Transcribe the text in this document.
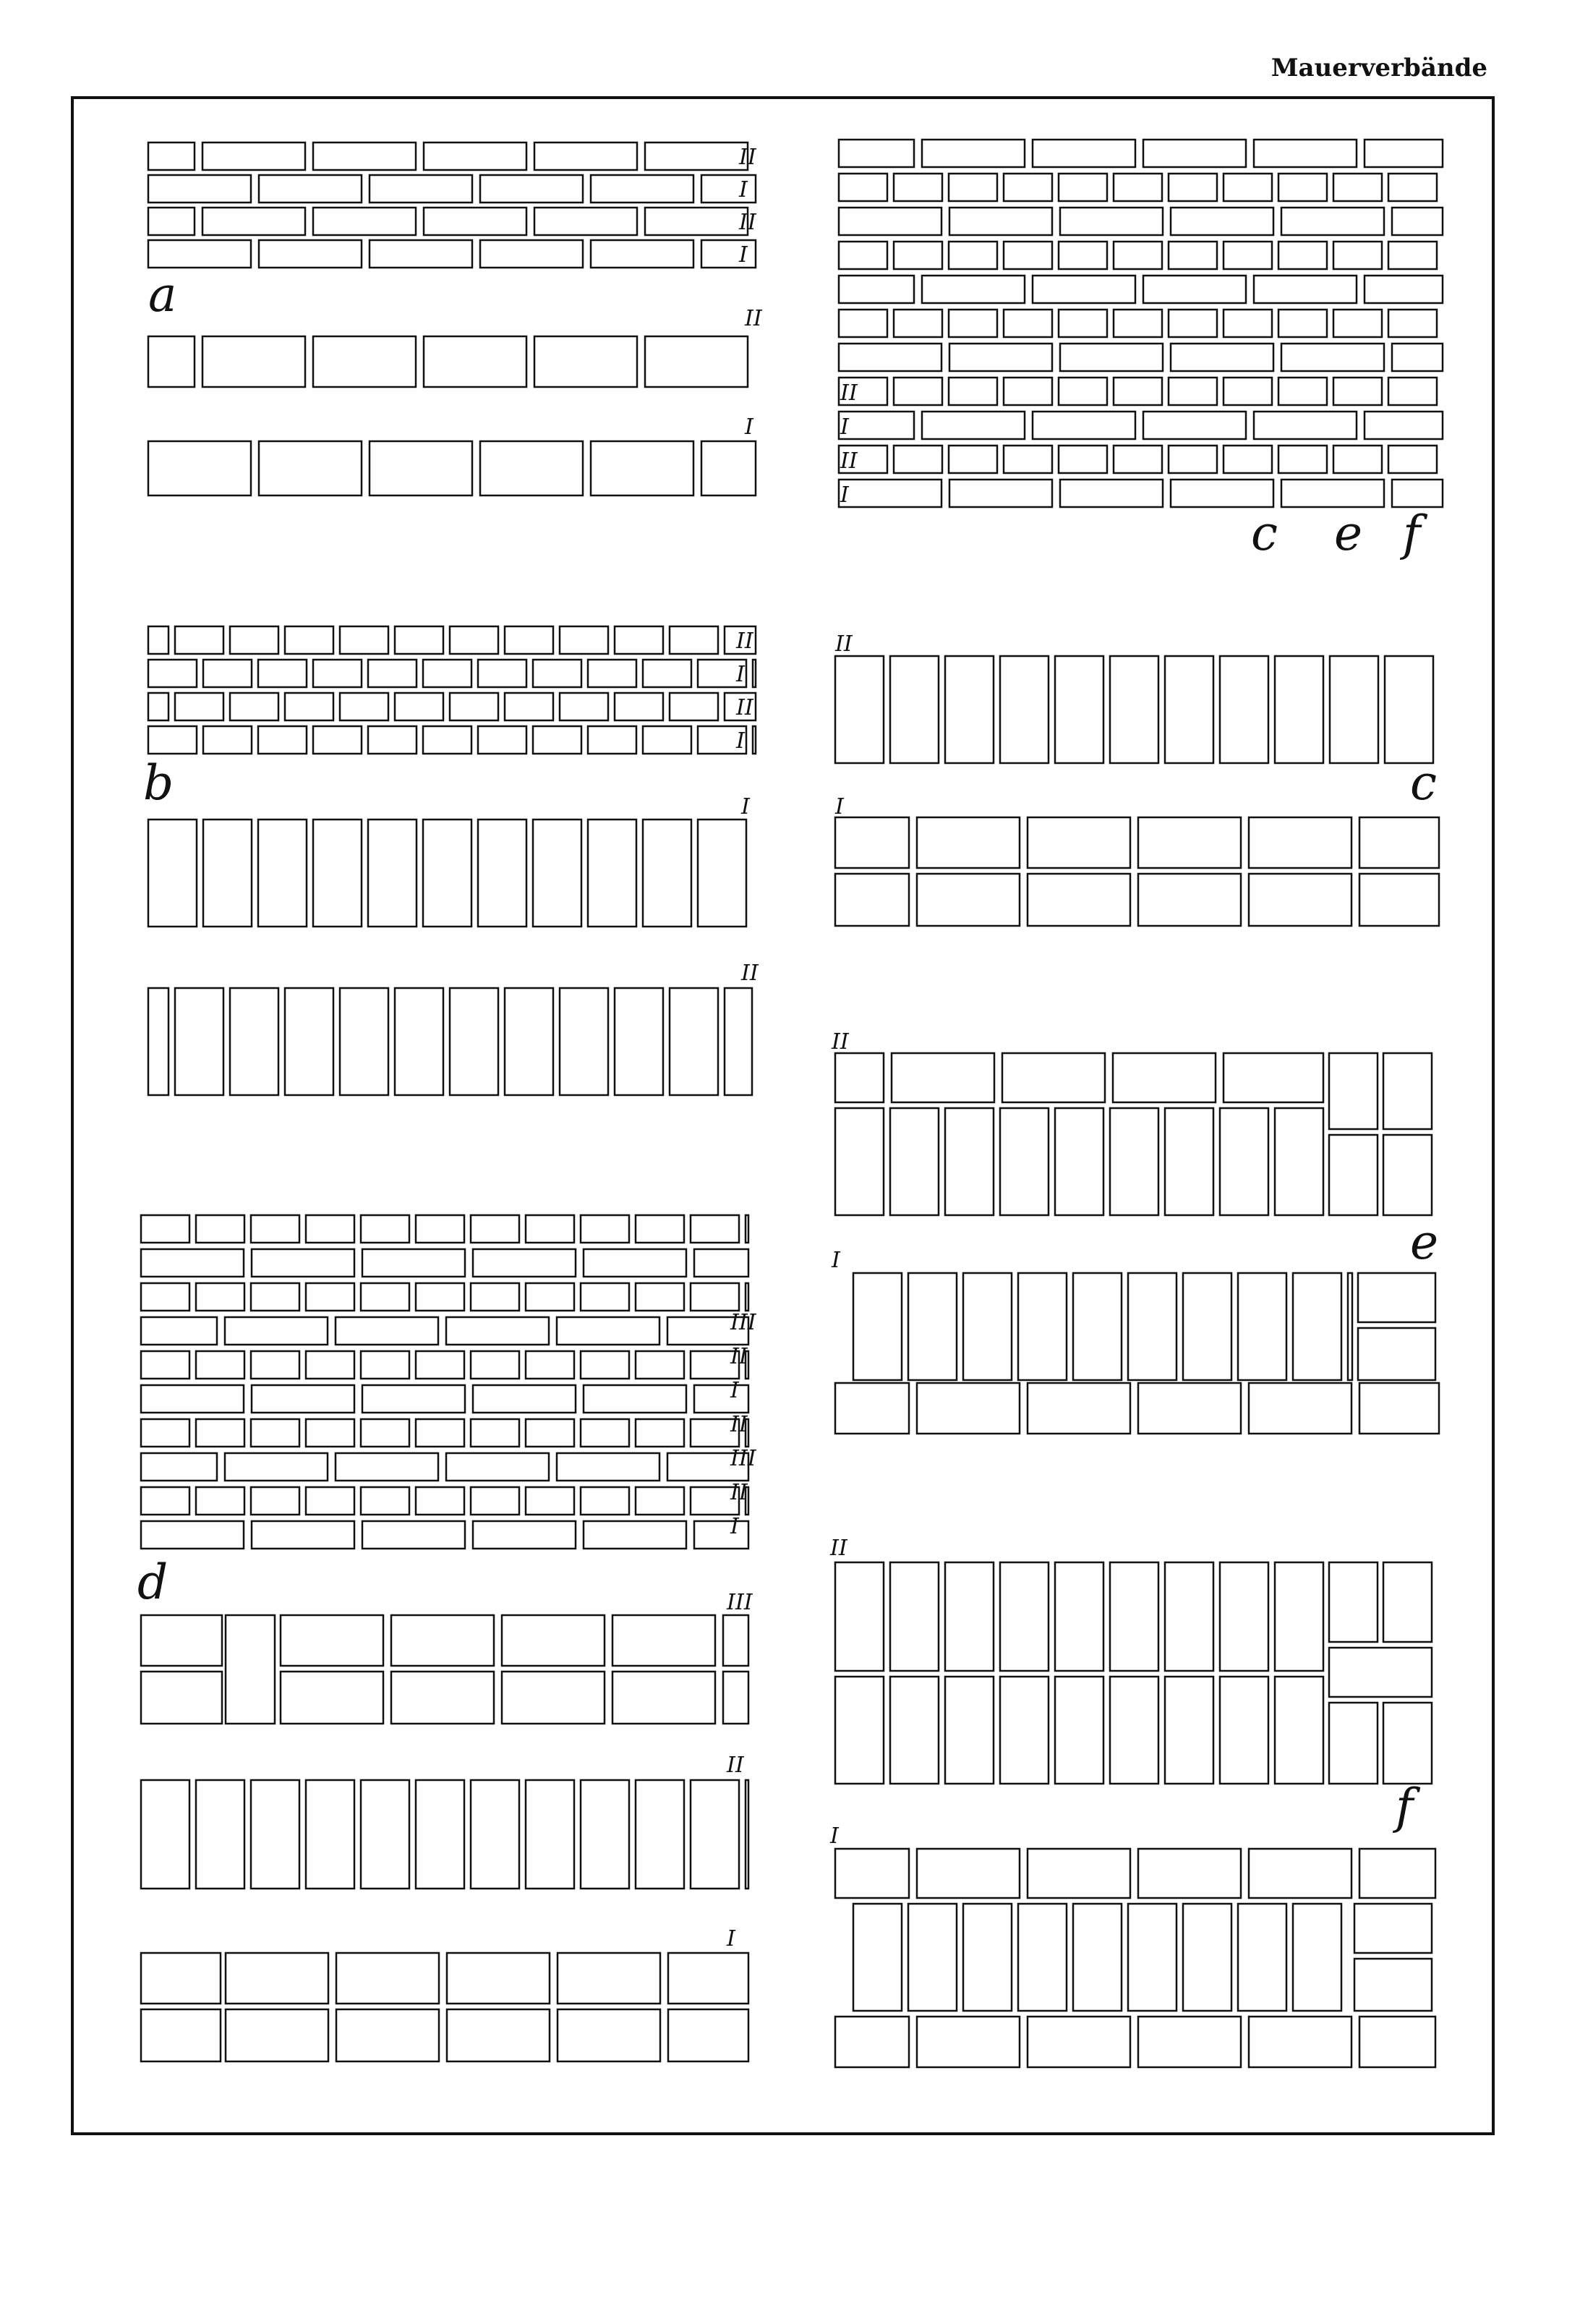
Mauerverbände
II
I
II
I
a	II
I
II
I
II
I
b	I
II
III
II
I
II
III
II
I
d	III
II
I
II
I
II
I
c e f
II
I	c
II
I	e
II
I
f
